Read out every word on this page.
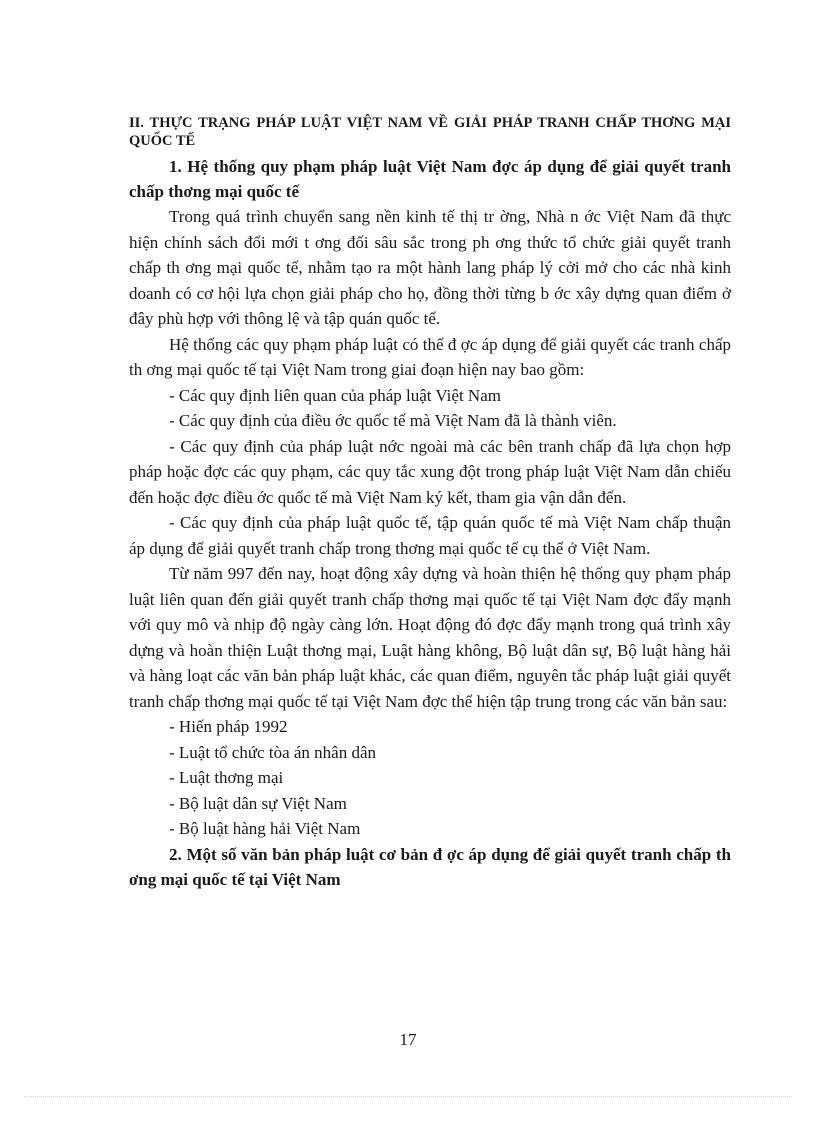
II. THỰC TRẠNG PHÁP LUẬT VIỆT NAM VỀ GIẢI PHÁP TRANH CHẤP THƠNG MẠI QUỐC TẾ
1. Hệ thống quy phạm pháp luật Việt Nam đợc áp dụng để giải quyết tranh chấp thơng mại quốc tế

Trong quá trình chuyển sang nền kinh tế thị tr ờng, Nhà n ớc Việt Nam đã thực hiện chính sách đổi mới t ơng đối sâu sắc trong ph ơng thức tổ chức giải quyết tranh chấp th ơng mại quốc tế, nhằm tạo ra một hành lang pháp lý cởi mở cho các nhà kinh doanh có cơ hội lựa chọn giải pháp cho họ, đồng thời từng b ớc xây dựng quan điểm ở đây phù hợp với thông lệ và tập quán quốc tế.

Hệ thống các quy phạm pháp luật có thể đ ợc áp dụng để giải quyết các tranh chấp th ơng mại quốc tế tại Việt Nam trong giai đoạn hiện nay bao gồm:

- Các quy định liên quan của pháp luật Việt Nam
- Các quy định của điều ớc quốc tế mà Việt Nam đã là thành viên.

- Các quy định của pháp luật nớc ngoài mà các bên tranh chấp đã lựa chọn hợp pháp hoặc đợc các quy phạm, các quy tắc xung đột trong pháp luật Việt Nam dẫn chiếu đến hoặc đợc điều ớc quốc tế mà Việt Nam ký kết, tham gia vận dẫn đến.

- Các quy định của pháp luật quốc tế, tập quán quốc tế mà Việt Nam chấp thuận áp dụng để giải quyết tranh chấp trong thơng mại quốc tế cụ thể ở Việt Nam.

Từ năm 997 đến nay, hoạt động xây dựng và hoàn thiện hệ thống quy phạm pháp luật liên quan đến giải quyết tranh chấp thơng mại quốc tế tại Việt Nam đợc đẩy mạnh với quy mô và nhịp độ ngày càng lớn. Hoạt động đó đợc đẩy mạnh trong quá trình xây dựng và hoàn thiện Luật thơng mại, Luật hàng không, Bộ luật dân sự, Bộ luật hàng hải và hàng loạt các văn bản pháp luật khác, các quan điểm, nguyên tắc pháp luật giải quyết tranh chấp thơng mại quốc tế tại Việt Nam đợc thể hiện tập trung trong các văn bản sau:

- Hiến pháp 1992
- Luật tổ chức tòa án nhân dân
- Luật thơng mại
- Bộ luật dân sự Việt Nam
- Bộ luật hàng hải Việt Nam
2. Một số văn bản pháp luật cơ bản đ ợc áp dụng để giải quyết tranh chấp th ơng mại quốc tế tại Việt Nam
17
